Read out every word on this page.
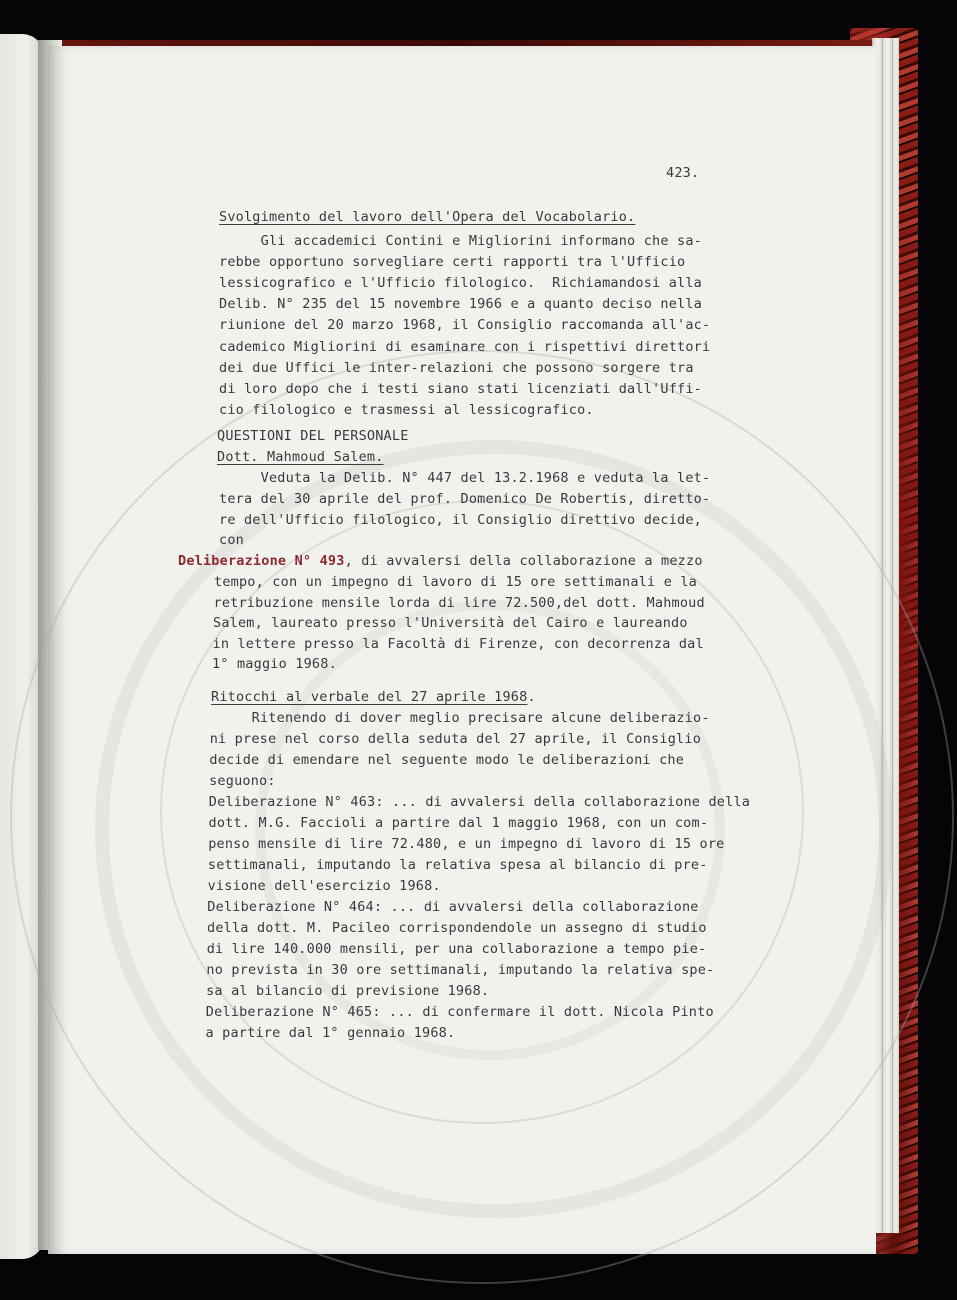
423.
Svolgimento del lavoro dell'Opera del Vocabolario.
Gli accademici Contini e Migliorini informano che sa-
rebbe opportuno sorvegliare certi rapporti tra l'Ufficio
lessicografico e l'Ufficio filologico.  Richiamandosi alla
Delib. N° 235 del 15 novembre 1966 e a quanto deciso nella
riunione del 20 marzo 1968, il Consiglio raccomanda all'ac-
cademico Migliorini di esaminare con i rispettivi direttori
dei due Uffici le inter-relazioni che possono sorgere tra
di loro dopo che i testi siano stati licenziati dall'Uffi-
cio filologico e trasmessi al lessicografico.
QUESTIONI DEL PERSONALE
Dott. Mahmoud Salem.
Veduta la Delib. N° 447 del 13.2.1968 e veduta la let-
tera del 30 aprile del prof. Domenico De Robertis, diretto-
re dell'Ufficio filologico, il Consiglio direttivo decide,
con
Deliberazione N° 493, di avvalersi della collaborazione a mezzo
tempo, con un impegno di lavoro di 15 ore settimanali e la
retribuzione mensile lorda di lire 72.500,del dott. Mahmoud
Salem, laureato presso l'Università del Cairo e laureando
in lettere presso la Facoltà di Firenze, con decorrenza dal
1° maggio 1968.
Ritocchi al verbale del 27 aprile 1968.
Ritenendo di dover meglio precisare alcune deliberazio-
ni prese nel corso della seduta del 27 aprile, il Consiglio
decide di emendare nel seguente modo le deliberazioni che
seguono:
Deliberazione N° 463: ... di avvalersi della collaborazione della
dott. M.G. Faccioli a partire dal 1 maggio 1968, con un com-
penso mensile di lire 72.480, e un impegno di lavoro di 15 ore
settimanali, imputando la relativa spesa al bilancio di pre-
visione dell'esercizio 1968.
Deliberazione N° 464: ... di avvalersi della collaborazione
della dott. M. Pacileo corrispondendole un assegno di studio
di lire 140.000 mensili, per una collaborazione a tempo pie-
no prevista in 30 ore settimanali, imputando la relativa spe-
sa al bilancio di previsione 1968.
Deliberazione N° 465: ... di confermare il dott. Nicola Pinto
a partire dal 1° gennaio 1968.
